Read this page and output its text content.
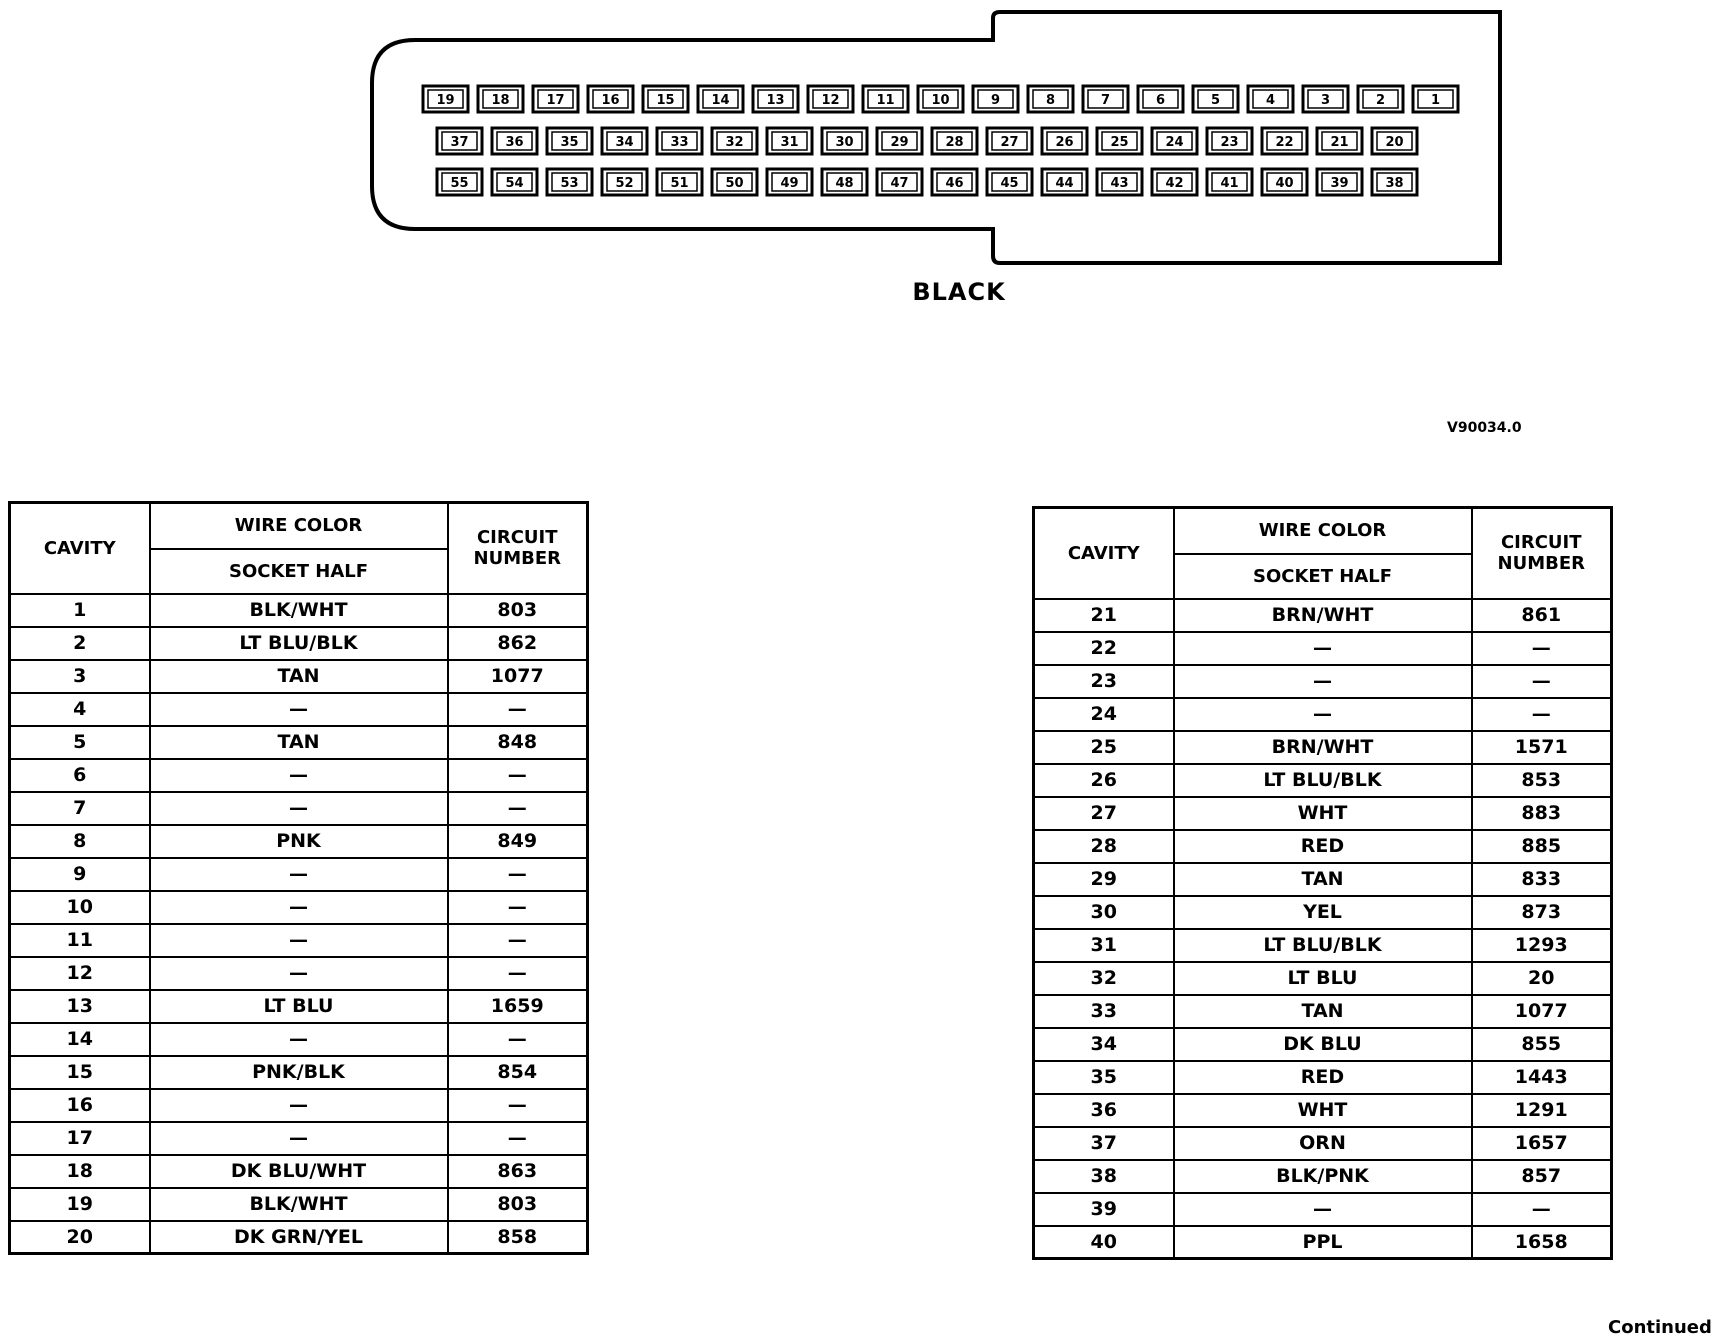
19	18	17	16	15	14	13	12	11	10	9	8	7	6	5	4	3	2	1
37	36	35	34	33	32	31	30	29	28	27	26	25	24	23	22	21	20
55	54	53	52	51	50	49	48	47	46	45	44	43	42	41	40	39	38
BLACK
V90034.0
CAVITY	WIRE COLOR	CIRCUIT
NUMBER
	SOCKET HALF	
1	BLK/WHT	803
2	LT BLU/BLK	862
3	TAN	1077
4	—	—
5	TAN	848
6	—	—
7	—	—
8	PNK	849
9	—	—
10	—	—
11	—	—
12	—	—
13	LT BLU	1659
14	—	—
15	PNK/BLK	854
16	—	—
17	—	—
18	DK BLU/WHT	863
19	BLK/WHT	803
20	DK GRN/YEL	858
CAVITY	WIRE COLOR	CIRCUIT
NUMBER
	SOCKET HALF	
21	BRN/WHT	861
22	—	—
23	—	—
24	—	—
25	BRN/WHT	1571
26	LT BLU/BLK	853
27	WHT	883
28	RED	885
29	TAN	833
30	YEL	873
31	LT BLU/BLK	1293
32	LT BLU	20
33	TAN	1077
34	DK BLU	855
35	RED	1443
36	WHT	1291
37	ORN	1657
38	BLK/PNK	857
39	—	—
40	PPL	1658
Continued
